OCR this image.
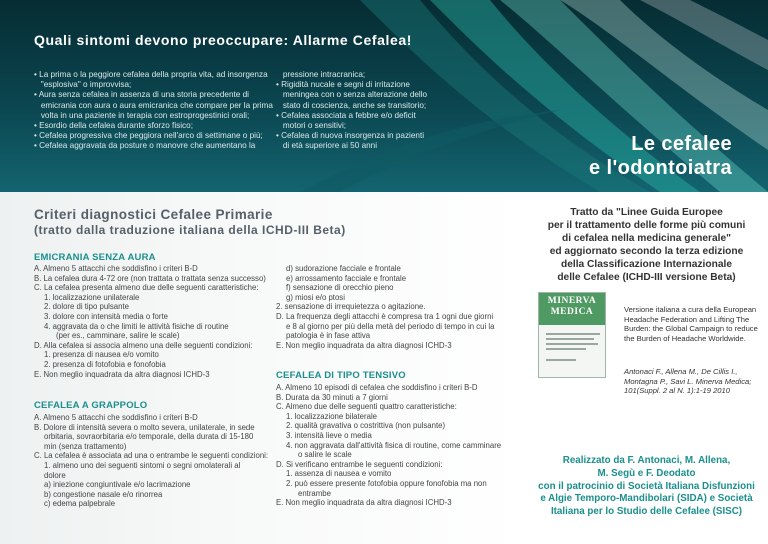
Quali sintomi devono preoccupare: Allarme Cefalea!
• La prima o la peggiore cefalea della propria vita, ad insorgenza
"esplosiva" o improvvisa;
• Aura senza cefalea in assenza di una storia precedente di
emicrania con aura o aura emicranica che compare per la prima
volta in una paziente in terapia con estroprogestinici orali;
• Esordio della cefalea durante sforzo fisico;
• Cefalea progressiva che peggiora nell'arco di settimane o più;
• Cefalea aggravata da posture o manovre che aumentano la
pressione intracranica;
• Rigidità nucale e segni di irritazione
meningea con o senza alterazione dello
stato di coscienza, anche se transitorio;
• Cefalea associata a febbre e/o deficit
motori o sensitivi;
• Cefalea di nuova insorgenza in pazienti
di età superiore ai 50 anni	Le cefalee
e l'odontoiatra
Criteri diagnostici Cefalee Primarie
(tratto dalla traduzione italiana della ICHD-III Beta)
EMICRANIA SENZA AURA
A. Almeno 5 attacchi che soddisfino i criteri B-D
B. La cefalea dura 4-72 ore (non trattata o trattata senza successo)
C. La cefalea presenta almeno due delle seguenti caratteristiche:
1. localizzazione unilaterale
2. dolore di tipo pulsante
3. dolore con intensità media o forte
4. aggravata da o che limiti le attività fisiche di routine
(per es., camminare, salire le scale)
D. Alla cefalea si associa almeno una delle seguenti condizioni:
1. presenza di nausea e/o vomito
2. presenza di fotofobia e fonofobia
E. Non meglio inquadrata da altra diagnosi ICHD-3
CEFALEA A GRAPPOLO
A. Almeno 5 attacchi che soddisfino i criteri B-D
B. Dolore di intensità severa o molto severa, unilaterale, in sede
orbitaria, sovraorbitaria e/o temporale, della durata di 15-180
min (senza trattamento)
C. La cefalea è associata ad una o entrambe le seguenti condizioni:
1. almeno uno dei seguenti sintomi o segni omolaterali al
dolore
a) iniezione congiuntivale e/o lacrimazione
b) congestione nasale e/o rinorrea
c) edema palpebrale
d) sudorazione facciale e frontale
e) arrossamento facciale e frontale
f) sensazione di orecchio pieno
g) miosi e/o ptosi
2. sensazione di irrequietezza o agitazione.
D. La frequenza degli attacchi è compresa tra 1 ogni due giorni
e 8 al giorno per più della metà del periodo di tempo in cui la
patologia è in fase attiva
E. Non meglio inquadrata da altra diagnosi ICHD-3
CEFALEA DI TIPO TENSIVO
A. Almeno 10 episodi di cefalea che soddisfino i criteri B-D
B. Durata da 30 minuti a 7 giorni
C. Almeno due delle seguenti quattro caratteristiche:
1. localizzazione bilaterale
2. qualità gravativa o costrittiva (non pulsante)
3. intensità lieve o media
4. non aggravata dall'attività fisica di routine, come camminare
o salire le scale
D. Si verificano entrambe le seguenti condizioni:
1. assenza di nausea e vomito
2. può essere presente fotofobia oppure fonofobia ma non
entrambe
E. Non meglio inquadrata da altra diagnosi ICHD-3
Tratto da "Linee Guida Europee
per il trattamento delle forme più comuni
di cefalea nella medicina generale"
ed aggiornato secondo la terza edizione
della Classificazione Internazionale
delle Cefalee (ICHD-III versione Beta)
MINERVA
MEDICA	Versione italiana a cura della European Headache Federation and Lifting The Burden: the Global Campaign to reduce the Burden of Headache Worldwide.
Antonaci F., Allena M., De Cillis I., Montagna P., Savi L. Minerva Medica; 101(Suppl. 2 al N. 1):1-19 2010
Realizzato da F. Antonaci, M. Allena,
M. Segù e F. Deodato
con il patrocinio di Società Italiana Disfunzioni
e Algie Temporo-Mandibolari (SIDA) e Società
Italiana per lo Studio delle Cefalee (SISC)
